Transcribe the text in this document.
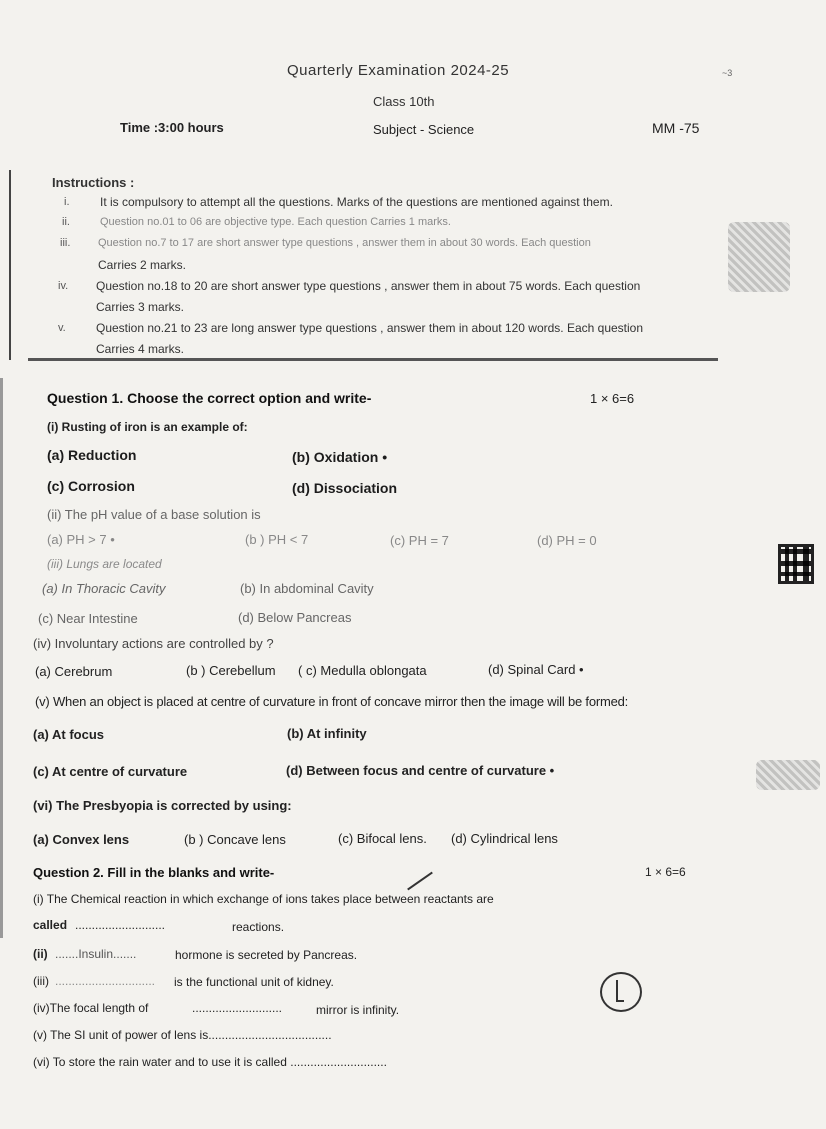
Quarterly Examination 2024-25	~3
Class 10th
Time :3:00 hours	Subject - Science	MM -75
Instructions :
i.	It is compulsory to attempt all the questions. Marks of the questions are mentioned against them.
ii.	Question no.01 to 06 are objective type. Each question Carries 1 marks.
iii.	Question no.7 to 17 are short answer type questions , answer them in about 30 words. Each question
Carries 2 marks.
iv. Question no.18 to 20 are short answer type questions , answer them in about 75 words. Each question
Carries 3 marks.
v.	Question no.21 to 23 are long answer type questions , answer them in about 120 words. Each question
Carries 4 marks.
Question 1. Choose the correct option and write-	1 × 6=6
(i) Rusting of iron is an example of:
(a) Reduction	(b) Oxidation •
(c) Corrosion	(d) Dissociation
(ii) The pH value of a base solution is
(a) PH > 7 •	(b ) PH < 7	(c) PH = 7	(d) PH = 0
(iii) Lungs are located
(a) In Thoracic Cavity	(b) In abdominal Cavity
(c) Near Intestine	(d) Below Pancreas
(iv) Involuntary actions are controlled by ?
(a) Cerebrum	(b ) Cerebellum ( c) Medulla oblongata	(d) Spinal Card •
(v) When an object is placed at centre of curvature in front of concave mirror then the image will be formed:
(a) At focus	(b) At infinity
(c) At centre of curvature	(d) Between focus and centre of curvature •
(vi) The Presbyopia is corrected by using:
(a) Convex lens	(b ) Concave lens	(c) Bifocal lens. (d) Cylindrical lens
Question 2. Fill in the blanks and write-	1 × 6=6
(i) The Chemical reaction in which exchange of ions takes place between reactants are
called ...........................	reactions.
(ii) .......Insulin.......	hormone is secreted by Pancreas.
(iii) .............................. is the functional unit of kidney.
(iv)The focal length of	...........................	mirror is infinity.
(v) The SI unit of power of lens is.....................................
(vi) To store the rain water and to use it is called .............................
